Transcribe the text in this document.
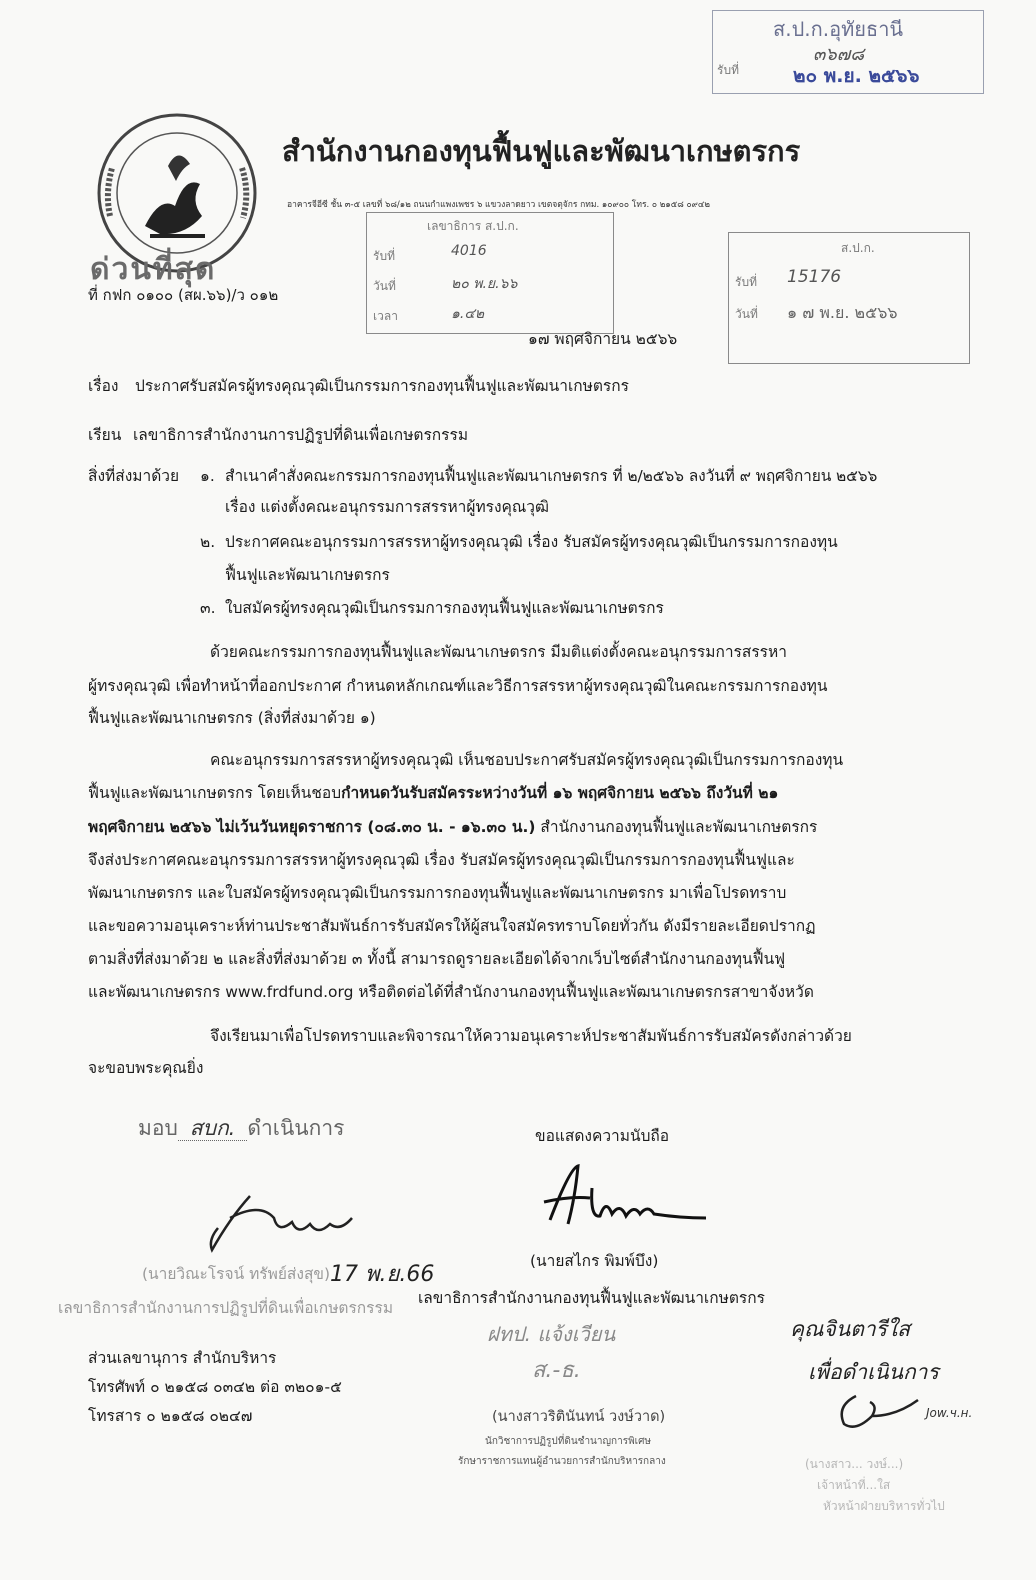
สำนักงานกองทุนฟื้นฟูและพัฒนาเกษตรกร
อาคารจีอีซี ชั้น ๓-๕ เลขที่ ๖๘/๑๒ ถนนกำแพงเพชร ๖ แขวงลาดยาว เขตจตุจักร กทม. ๑๐๙๐๐ โทร. ๐ ๒๑๕๘ ๐๙๔๒
ด่วนที่สุด
ที่ กฟก ๐๑๐๐ (สผ.๖๖)/ว ๐๑๒
ส.ป.ก.อุทัยธานี
รับที่
๓๖๗๘
๒๐ พ.ย. ๒๕๖๖
เลขาธิการ ส.ป.ก.
รับที่	4016
วันที่	๒๐ พ.ย.๖๖
เวลา	๑.๔๒
ส.ป.ก.
รับที่ 15176
วันที่ ๑ ๗ พ.ย. ๒๕๖๖
๑๗ พฤศจิกายน ๒๕๖๖
เรื่อง ประกาศรับสมัครผู้ทรงคุณวุฒิเป็นกรรมการกองทุนฟื้นฟูและพัฒนาเกษตรกร
เรียน เลขาธิการสำนักงานการปฏิรูปที่ดินเพื่อเกษตรกรรม
สิ่งที่ส่งมาด้วย ๑. สำเนาคำสั่งคณะกรรมการกองทุนฟื้นฟูและพัฒนาเกษตรกร ที่ ๒/๒๕๖๖ ลงวันที่ ๙ พฤศจิกายน ๒๕๖๖
เรื่อง แต่งตั้งคณะอนุกรรมการสรรหาผู้ทรงคุณวุฒิ
๒. ประกาศคณะอนุกรรมการสรรหาผู้ทรงคุณวุฒิ เรื่อง รับสมัครผู้ทรงคุณวุฒิเป็นกรรมการกองทุน
ฟื้นฟูและพัฒนาเกษตรกร
๓. ใบสมัครผู้ทรงคุณวุฒิเป็นกรรมการกองทุนฟื้นฟูและพัฒนาเกษตรกร
ด้วยคณะกรรมการกองทุนฟื้นฟูและพัฒนาเกษตรกร มีมติแต่งตั้งคณะอนุกรรมการสรรหา
ผู้ทรงคุณวุฒิ เพื่อทำหน้าที่ออกประกาศ กำหนดหลักเกณฑ์และวิธีการสรรหาผู้ทรงคุณวุฒิในคณะกรรมการกองทุน
ฟื้นฟูและพัฒนาเกษตรกร (สิ่งที่ส่งมาด้วย ๑)
คณะอนุกรรมการสรรหาผู้ทรงคุณวุฒิ เห็นชอบประกาศรับสมัครผู้ทรงคุณวุฒิเป็นกรรมการกองทุน
ฟื้นฟูและพัฒนาเกษตรกร โดยเห็นชอบกำหนดวันรับสมัครระหว่างวันที่ ๑๖ พฤศจิกายน ๒๕๖๖ ถึงวันที่ ๒๑
พฤศจิกายน ๒๕๖๖ ไม่เว้นวันหยุดราชการ (๐๘.๓๐ น. - ๑๖.๓๐ น.) สำนักงานกองทุนฟื้นฟูและพัฒนาเกษตรกร
จึงส่งประกาศคณะอนุกรรมการสรรหาผู้ทรงคุณวุฒิ เรื่อง รับสมัครผู้ทรงคุณวุฒิเป็นกรรมการกองทุนฟื้นฟูและ
พัฒนาเกษตรกร และใบสมัครผู้ทรงคุณวุฒิเป็นกรรมการกองทุนฟื้นฟูและพัฒนาเกษตรกร มาเพื่อโปรดทราบ
และขอความอนุเคราะห์ท่านประชาสัมพันธ์การรับสมัครให้ผู้สนใจสมัครทราบโดยทั่วกัน ดังมีรายละเอียดปรากฏ
ตามสิ่งที่ส่งมาด้วย ๒ และสิ่งที่ส่งมาด้วย ๓ ทั้งนี้ สามารถดูรายละเอียดได้จากเว็บไซต์สำนักงานกองทุนฟื้นฟู
และพัฒนาเกษตรกร www.frdfund.org หรือติดต่อได้ที่สำนักงานกองทุนฟื้นฟูและพัฒนาเกษตรกรสาขาจังหวัด
จึงเรียนมาเพื่อโปรดทราบและพิจารณาให้ความอนุเคราะห์ประชาสัมพันธ์การรับสมัครดังกล่าวด้วย
จะขอบพระคุณยิ่ง
มอบ สบก. ดำเนินการ	ขอแสดงความนับถือ
(นายสไกร พิมพ์บึง)
(นายวิณะโรจน์ ทรัพย์ส่งสุข)
เลขาธิการสำนักงานการปฏิรูปที่ดินเพื่อเกษตรกรรม
17 พ.ย.66
เลขาธิการสำนักงานกองทุนฟื้นฟูและพัฒนาเกษตรกร
ส่วนเลขานุการ สำนักบริหาร
โทรศัพท์ ๐ ๒๑๕๘ ๐๓๔๒ ต่อ ๓๒๐๑-๕
โทรสาร ๐ ๒๑๕๘ ๐๒๔๗
ฝทป. แจ้งเวียน
ส.-ธ.
(นางสาวริตินันทน์ วงษ์วาด)
นักวิชาการปฏิรูปที่ดินชำนาญการพิเศษ
รักษาราชการแทนผู้อำนวยการสำนักบริหารกลาง
คุณจินตารีใส
เพื่อดำเนินการ
Jow.ч.н.
(นางสาว... วงษ์...)
เจ้าหน้าที่...ใส
หัวหน้าฝ่ายบริหารทั่วไป
